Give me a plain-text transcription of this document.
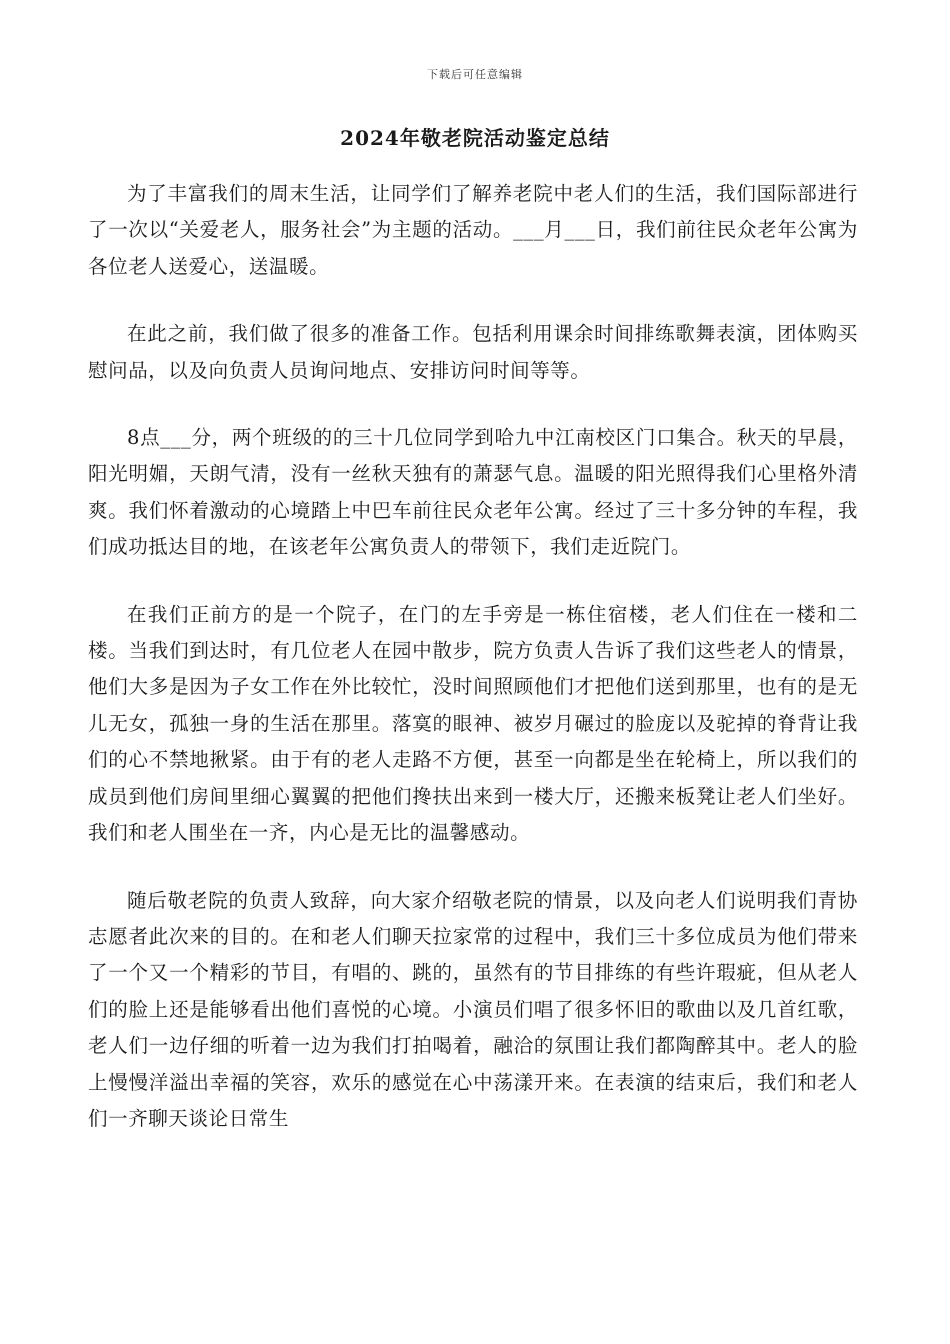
下载后可任意编辑
2024年敬老院活动鉴定总结

为了丰富我们的周末生活，让同学们了解养老院中老人们的生活，我们国际部进行了一次以“关爱老人，服务社会”为主题的活动。___月___日，我们前往民众老年公寓为各位老人送爱心，送温暖。

在此之前，我们做了很多的准备工作。包括利用课余时间排练歌舞表演，团体购买慰问品，以及向负责人员询问地点、安排访问时间等等。

8点___分，两个班级的的三十几位同学到哈九中江南校区门口集合。秋天的早晨，阳光明媚，天朗气清，没有一丝秋天独有的萧瑟气息。温暖的阳光照得我们心里格外清爽。我们怀着激动的心境踏上中巴车前往民众老年公寓。经过了三十多分钟的车程，我们成功抵达目的地，在该老年公寓负责人的带领下，我们走近院门。

在我们正前方的是一个院子，在门的左手旁是一栋住宿楼，老人们住在一楼和二楼。当我们到达时，有几位老人在园中散步，院方负责人告诉了我们这些老人的情景，他们大多是因为子女工作在外比较忙，没时间照顾他们才把他们送到那里，也有的是无儿无女，孤独一身的生活在那里。落寞的眼神、被岁月碾过的脸庞以及驼掉的脊背让我们的心不禁地揪紧。由于有的老人走路不方便，甚至一向都是坐在轮椅上，所以我们的成员到他们房间里细心翼翼的把他们搀扶出来到一楼大厅，还搬来板凳让老人们坐好。我们和老人围坐在一齐，内心是无比的温馨感动。

随后敬老院的负责人致辞，向大家介绍敬老院的情景，以及向老人们说明我们青协志愿者此次来的目的。在和老人们聊天拉家常的过程中，我们三十多位成员为他们带来了一个又一个精彩的节目，有唱的、跳的，虽然有的节目排练的有些许瑕疵，但从老人们的脸上还是能够看出他们喜悦的心境。小演员们唱了很多怀旧的歌曲以及几首红歌，老人们一边仔细的听着一边为我们打拍喝着，融洽的氛围让我们都陶醉其中。老人的脸上慢慢洋溢出幸福的笑容，欢乐的感觉在心中荡漾开来。在表演的结束后，我们和老人们一齐聊天谈论日常生
